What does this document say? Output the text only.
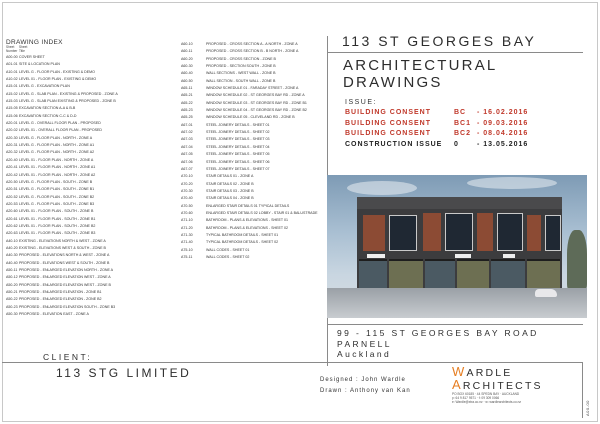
DRAWING INDEX
Sheet
Number
Sheet Title
A00-00 COVER SHEET
A01-01 SITE & LOCATION PLAN
A10-01 LEVEL G - FLOOR PLAN - EXISTING & DEMO
A10-02 LEVEL 01 - FLOOR PLAN - EXISTING & DEMO
A15-01 LEVEL G - EXCAVATION PLAN
A15-02 LEVEL G - SLAB PLAN - EXISTING & PROPOSED - ZONE A
A15-03 LEVEL G - SLAB PLAN EXISTING & PROPOSED - ZONE B
A15-05 EXCAVATION SECTION A-A & B-B
A15-06 EXCAVATION SECTION C-C & D-D
A20-01 LEVEL G - OVERALL FLOOR PLAN - PROPOSED
A20-02 LEVEL 01 - OVERALL FLOOR PLAN - PROPOSED
A20-30 LEVEL G - FLOOR PLAN - NORTH - ZONE A
A20-31 LEVEL G - FLOOR PLAN - NORTH - ZONE A1
A20-32 LEVEL G - FLOOR PLAN - NORTH - ZONE A2
A20-40 LEVEL 01 - FLOOR PLAN - NORTH - ZONE A
A20-41 LEVEL 01 - FLOOR PLAN - NORTH - ZONE A1
A20-42 LEVEL 01 - FLOOR PLAN - NORTH - ZONE A2
A20-50 LEVEL G - FLOOR PLAN - SOUTH - ZONE B
A20-51 LEVEL G - FLOOR PLAN - SOUTH - ZONE B1
A20-52 LEVEL G - FLOOR PLAN - SOUTH - ZONE B2
A20-53 LEVEL G - FLOOR PLAN - SOUTH - ZONE B3
A20-60 LEVEL 01 - FLOOR PLAN - SOUTH - ZONE B
A20-61 LEVEL 01 - FLOOR PLAN - SOUTH - ZONE B1
A20-62 LEVEL 01 - FLOOR PLAN - SOUTH - ZONE B2
A20-63 LEVEL 01 - FLOOR PLAN - SOUTH - ZONE B3
A40-10 EXISTING - ELEVATIONS NORTH & WEST - ZONE A
A40-20 EXISTING - ELEVATIONS WEST & SOUTH - ZONE B
A40-30 PROPOSED - ELEVATIONS NORTH & WEST - ZONE A
A40-40 PROPOSED - ELEVATIONS WEST & SOUTH - ZONE B
A50-11 PROPOSED - ENLARGED ELEVATION NORTH - ZONE A
A50-12 PROPOSED - ENLARGED ELEVATION WEST - ZONE A
A50-20 PROPOSED - ENLARGED ELEVATION WEST - ZONE B
A50-21 PROPOSED - ENLARGED ELEVATION - ZONE B1
A50-22 PROPOSED - ENLARGED ELEVATION - ZONE B2
A50-23 PROPOSED - ENLARGED ELEVATION SOUTH - ZONE B3
A50-30 PROPOSED - ELEVATION EAST - ZONE A
A60-10	PROPOSED - CROSS SECTION A - A NORTH - ZONE A
A60-11	PROPOSED - CROSS SECTION B - B NORTH - ZONE A
A60-20	PROPOSED - CROSS SECTION - ZONE B
A60-30	PROPOSED - SECTION SOUTH - ZONE B
A60-40	WALL SECTIONS - WEST WALL - ZONE B
A60-50	WALL SECTION - SOUTH WALL - ZONE B
A65-11	WINDOW SCHEDULE 01 - FARADAY STREET - ZONE A
A65-21	WINDOW SCHEDULE 02 - ST GEORGES BAY RD - ZONE A
A65-22	WINDOW SCHEDULE 03 - ST GEORGES BAY RD - ZONE B1
A65-23	WINDOW SCHEDULE 04 - ST GEORGES BAY RD - ZONE B2
A65-25	WINDOW SCHEDULE 05 - CLEVELAND RD - ZONE B
A67-01	STEEL JOINERY DETAILS - SHEET 01
A67-02	STEEL JOINERY DETAILS - SHEET 02
A67-03	STEEL JOINERY DETAILS - SHEET 03
A67-04	STEEL JOINERY DETAILS - SHEET 04
A67-05	STEEL JOINERY DETAILS - SHEET 05
A67-06	STEEL JOINERY DETAILS - SHEET 06
A67-07	STEEL JOINERY DETAILS - SHEET 07
A70-10	STAIR DETAILS 01 - ZONE A
A70-20	STAIR DETAILS 02 - ZONE B
A70-30	STAIR DETAILS 03 - ZONE B
A70-40	STAIR DETAILS 04 - ZONE B
A70-50	ENLARGED STAIR DETAILS 01 TYPICAL DETAILS
A70-60	ENLARGED STAIR DETAILS 02 LOBBY - STAIR 01 & BALUSTRADE
A71-10	BATHROOM - PLANS & ELEVATIONS - SHEET 01
A71-20	BATHROOM - PLANS & ELEVATIONS - SHEET 02
A71-30	TYPICAL BATHROOM DETAILS - SHEET 01
A71-40	TYPICAL BATHROOM DETAILS - SHEET 02
A75-10	WALL CODES - SHEET 01
A75-11	WALL CODES - SHEET 02
113 ST GEORGES BAY
ARCHITECTURAL
DRAWINGS
ISSUE:
BUILDING CONSENT	BC - 16.02.2016
BUILDING CONSENT	BC1 - 09.03.2016
BUILDING CONSENT	BC2 - 08.04.2016
CONSTRUCTION ISSUE 0	- 13.05.2016
99 - 115 ST GEORGES BAY ROAD
PARNELL
Auckland
CLIENT:
113 STG LIMITED	Designed : John Wardle
Drawn : Anthony van Kan
WARDLE
ARCHITECTS
PO BOX 60185 · 44 SPEDN BAY · AUCKLAND
p: 64 9 817 9571 · f: 09 309 0066
e: Wardle@xtra.co.nz · w: wardlearchitects.co.nz	A00-00
